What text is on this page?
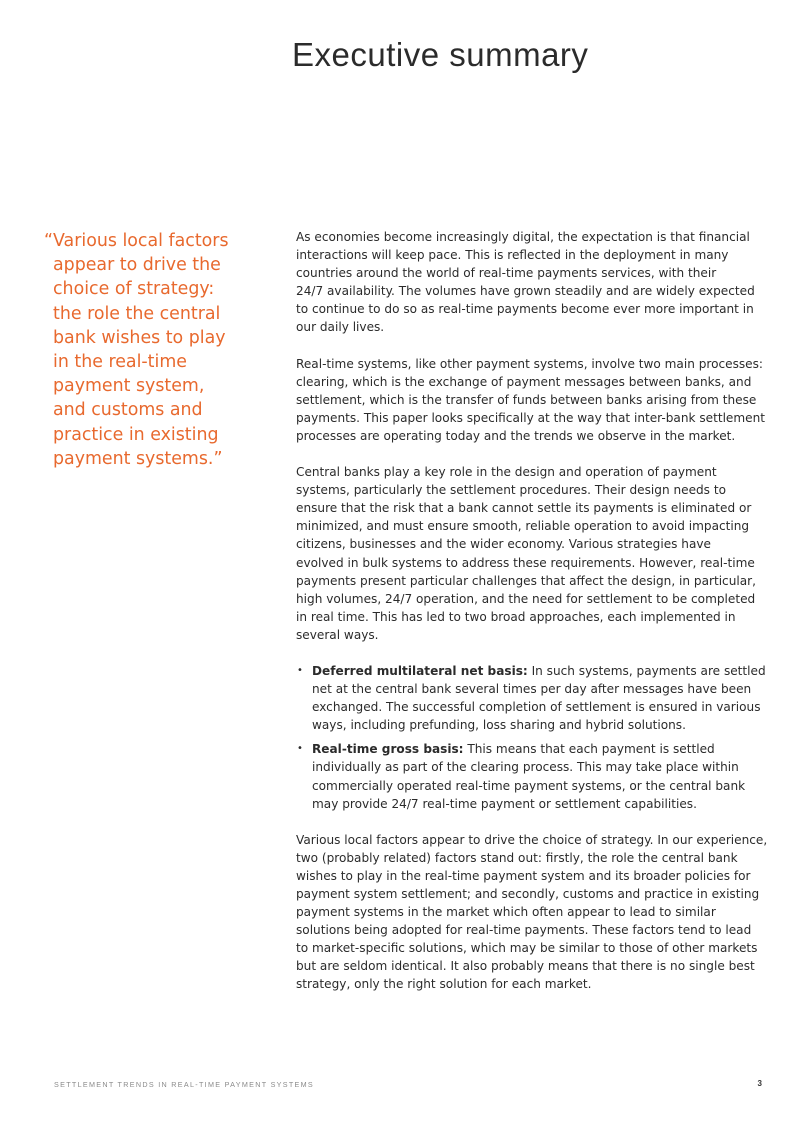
Executive summary
“Various local factors
appear to drive the
choice of strategy:
the role the central
bank wishes to play
in the real-time
payment system,
and customs and
practice in existing
payment systems.”

As economies become increasingly digital, the expectation is that financial
interactions will keep pace. This is reflected in the deployment in many
countries around the world of real-time payments services, with their
24/7 availability. The volumes have grown steadily and are widely expected
to continue to do so as real-time payments become ever more important in
our daily lives.

Real-time systems, like other payment systems, involve two main processes:
clearing, which is the exchange of payment messages between banks, and
settlement, which is the transfer of funds between banks arising from these
payments. This paper looks specifically at the way that inter-bank settlement
processes are operating today and the trends we observe in the market.

Central banks play a key role in the design and operation of payment
systems, particularly the settlement procedures. Their design needs to
ensure that the risk that a bank cannot settle its payments is eliminated or
minimized, and must ensure smooth, reliable operation to avoid impacting
citizens, businesses and the wider economy. Various strategies have
evolved in bulk systems to address these requirements. However, real-time
payments present particular challenges that affect the design, in particular,
high volumes, 24/7 operation, and the need for settlement to be completed
in real time. This has led to two broad approaches, each implemented in
several ways.

• Deferred multilateral net basis: In such systems, payments are settled
net at the central bank several times per day after messages have been
exchanged. The successful completion of settlement is ensured in various
ways, including prefunding, loss sharing and hybrid solutions.
• Real-time gross basis: This means that each payment is settled
individually as part of the clearing process. This may take place within
commercially operated real-time payment systems, or the central bank
may provide 24/7 real-time payment or settlement capabilities.

Various local factors appear to drive the choice of strategy. In our experience,
two (probably related) factors stand out: firstly, the role the central bank
wishes to play in the real-time payment system and its broader policies for
payment system settlement; and secondly, customs and practice in existing
payment systems in the market which often appear to lead to similar
solutions being adopted for real-time payments. These factors tend to lead
to market-specific solutions, which may be similar to those of other markets
but are seldom identical. It also probably means that there is no single best
strategy, only the right solution for each market.

SETTLEMENT TRENDS IN REAL-TIME PAYMENT SYSTEMS	3
